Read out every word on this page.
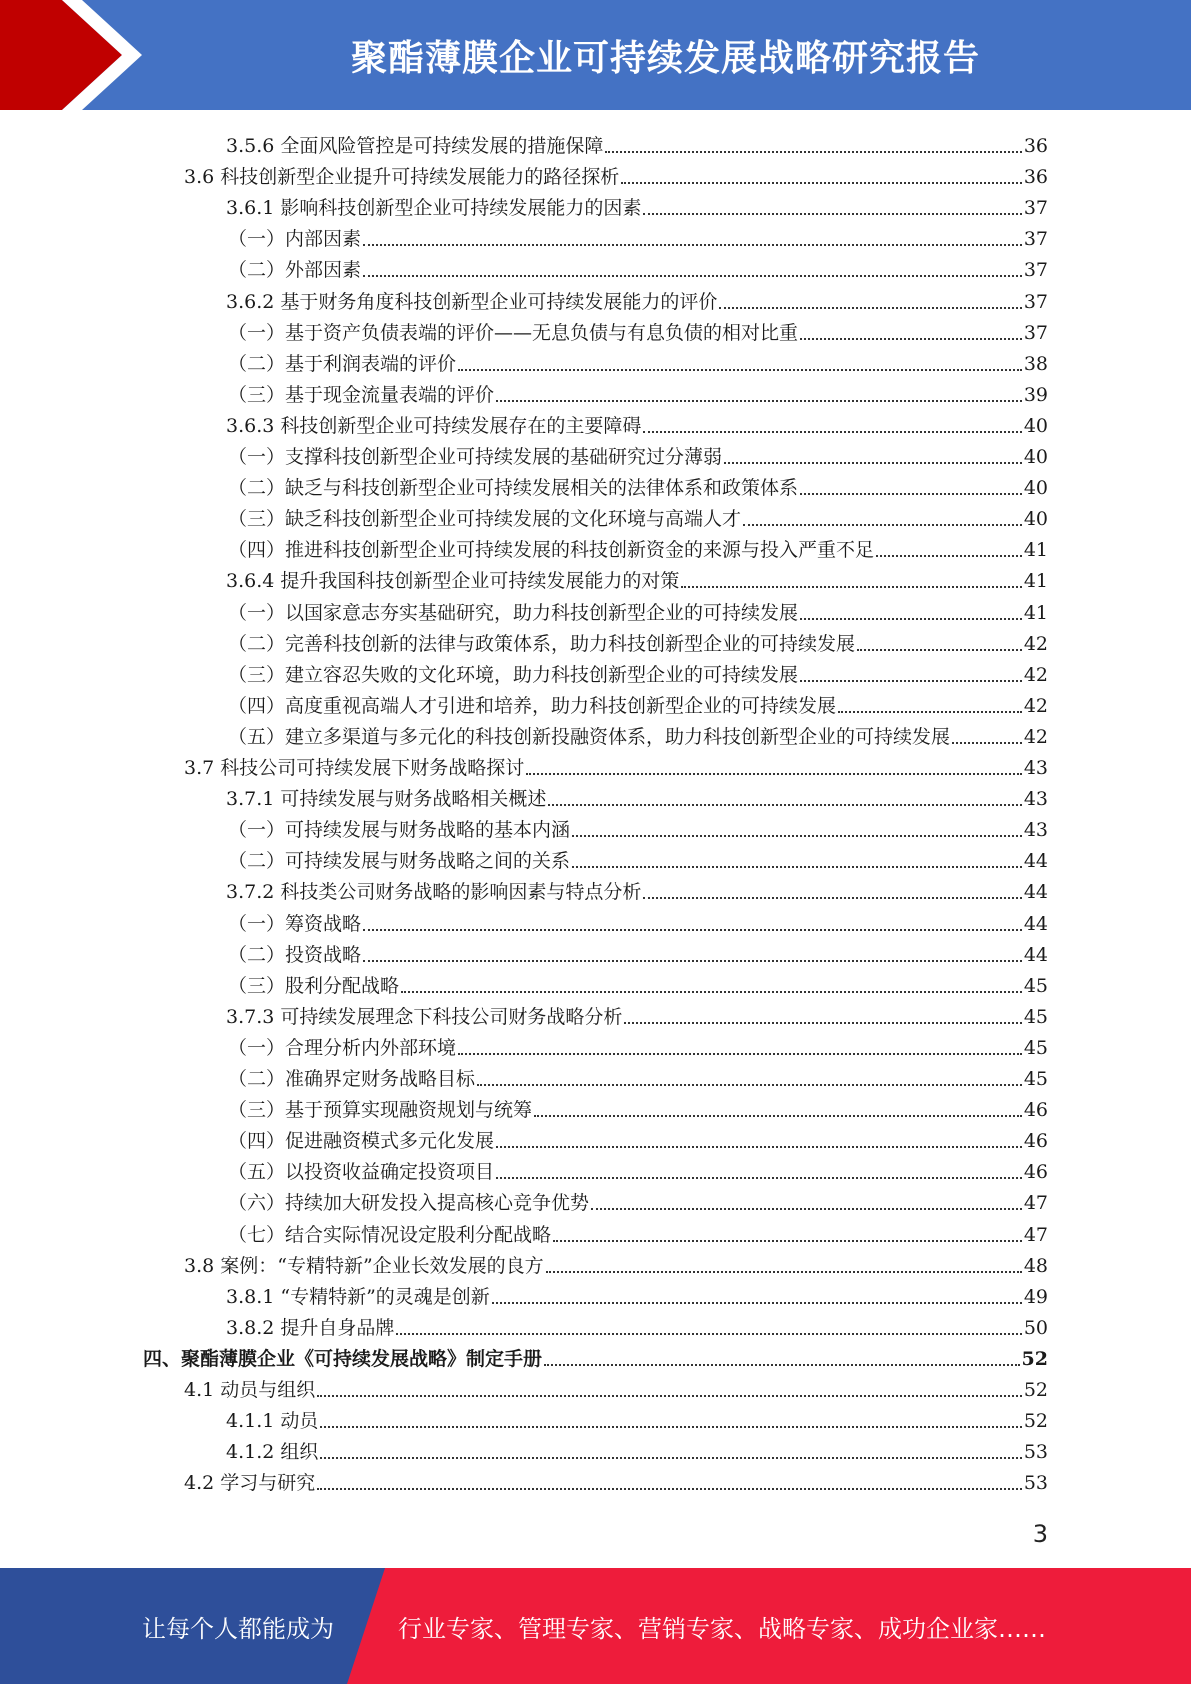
聚酯薄膜企业可持续发展战略研究报告
3.5.6 全面风险管控是可持续发展的措施保障	36
3.6 科技创新型企业提升可持续发展能力的路径探析	36
3.6.1 影响科技创新型企业可持续发展能力的因素	37
（一）内部因素	37
（二）外部因素	37
3.6.2 基于财务角度科技创新型企业可持续发展能力的评价	37
（一）基于资产负债表端的评价——无息负债与有息负债的相对比重	37
（二）基于利润表端的评价	38
（三）基于现金流量表端的评价	39
3.6.3 科技创新型企业可持续发展存在的主要障碍	40
（一）支撑科技创新型企业可持续发展的基础研究过分薄弱	40
（二）缺乏与科技创新型企业可持续发展相关的法律体系和政策体系	40
（三）缺乏科技创新型企业可持续发展的文化环境与高端人才	40
（四）推进科技创新型企业可持续发展的科技创新资金的来源与投入严重不足	41
3.6.4 提升我国科技创新型企业可持续发展能力的对策	41
（一）以国家意志夯实基础研究，助力科技创新型企业的可持续发展	41
（二）完善科技创新的法律与政策体系，助力科技创新型企业的可持续发展	42
（三）建立容忍失败的文化环境，助力科技创新型企业的可持续发展	42
（四）高度重视高端人才引进和培养，助力科技创新型企业的可持续发展	42
（五）建立多渠道与多元化的科技创新投融资体系，助力科技创新型企业的可持续发展	42
3.7 科技公司可持续发展下财务战略探讨	43
3.7.1 可持续发展与财务战略相关概述	43
（一）可持续发展与财务战略的基本内涵	43
（二）可持续发展与财务战略之间的关系	44
3.7.2 科技类公司财务战略的影响因素与特点分析	44
（一）筹资战略	44
（二）投资战略	44
（三）股利分配战略	45
3.7.3 可持续发展理念下科技公司财务战略分析	45
（一）合理分析内外部环境	45
（二）准确界定财务战略目标	45
（三）基于预算实现融资规划与统筹	46
（四）促进融资模式多元化发展	46
（五）以投资收益确定投资项目	46
（六）持续加大研发投入提高核心竞争优势	47
（七）结合实际情况设定股利分配战略	47
3.8 案例：“专精特新”企业长效发展的良方	48
3.8.1 “专精特新”的灵魂是创新	49
3.8.2 提升自身品牌	50
四、聚酯薄膜企业《可持续发展战略》制定手册	52
4.1 动员与组织	52
4.1.1 动员	52
4.1.2 组织	53
4.2 学习与研究	53
3
让每个人都能成为	行业专家、管理专家、营销专家、战略专家、成功企业家……
